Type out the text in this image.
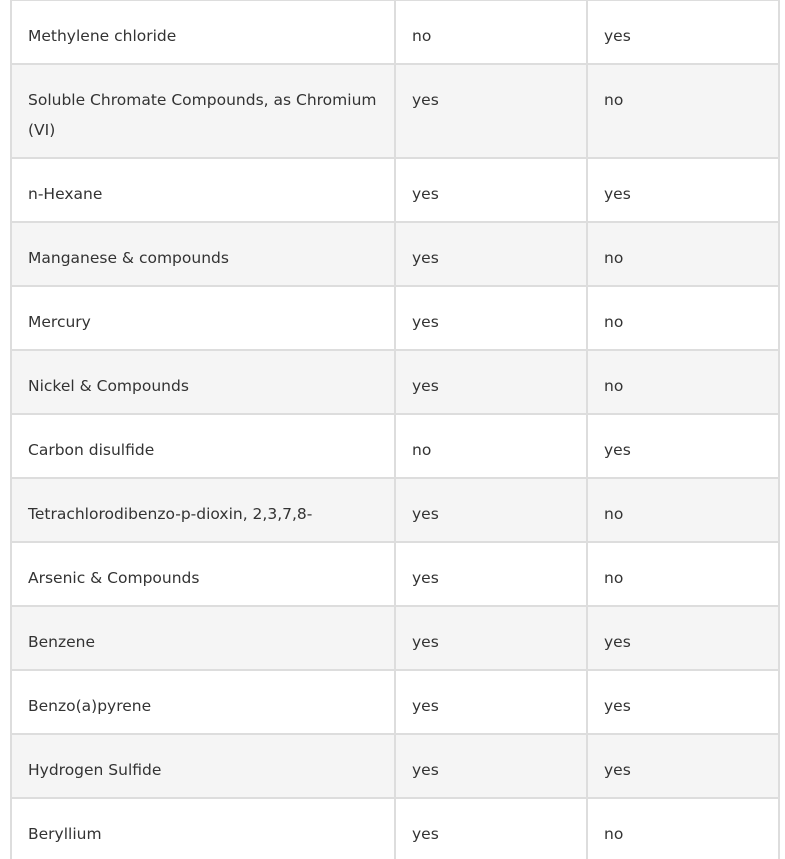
Methylene chloride	no	yes

Soluble Chromate Compounds, as Chromium (VI)	yes	no

n-Hexane	yes	yes

Manganese & compounds	yes	no

Mercury	yes	no

Nickel & Compounds	yes	no

Carbon disulfide	no	yes

Tetrachlorodibenzo-p-dioxin, 2,3,7,8-	yes	no

Arsenic & Compounds	yes	no

Benzene	yes	yes

Benzo(a)pyrene	yes	yes

Hydrogen Sulfide	yes	yes

Beryllium	yes	no
